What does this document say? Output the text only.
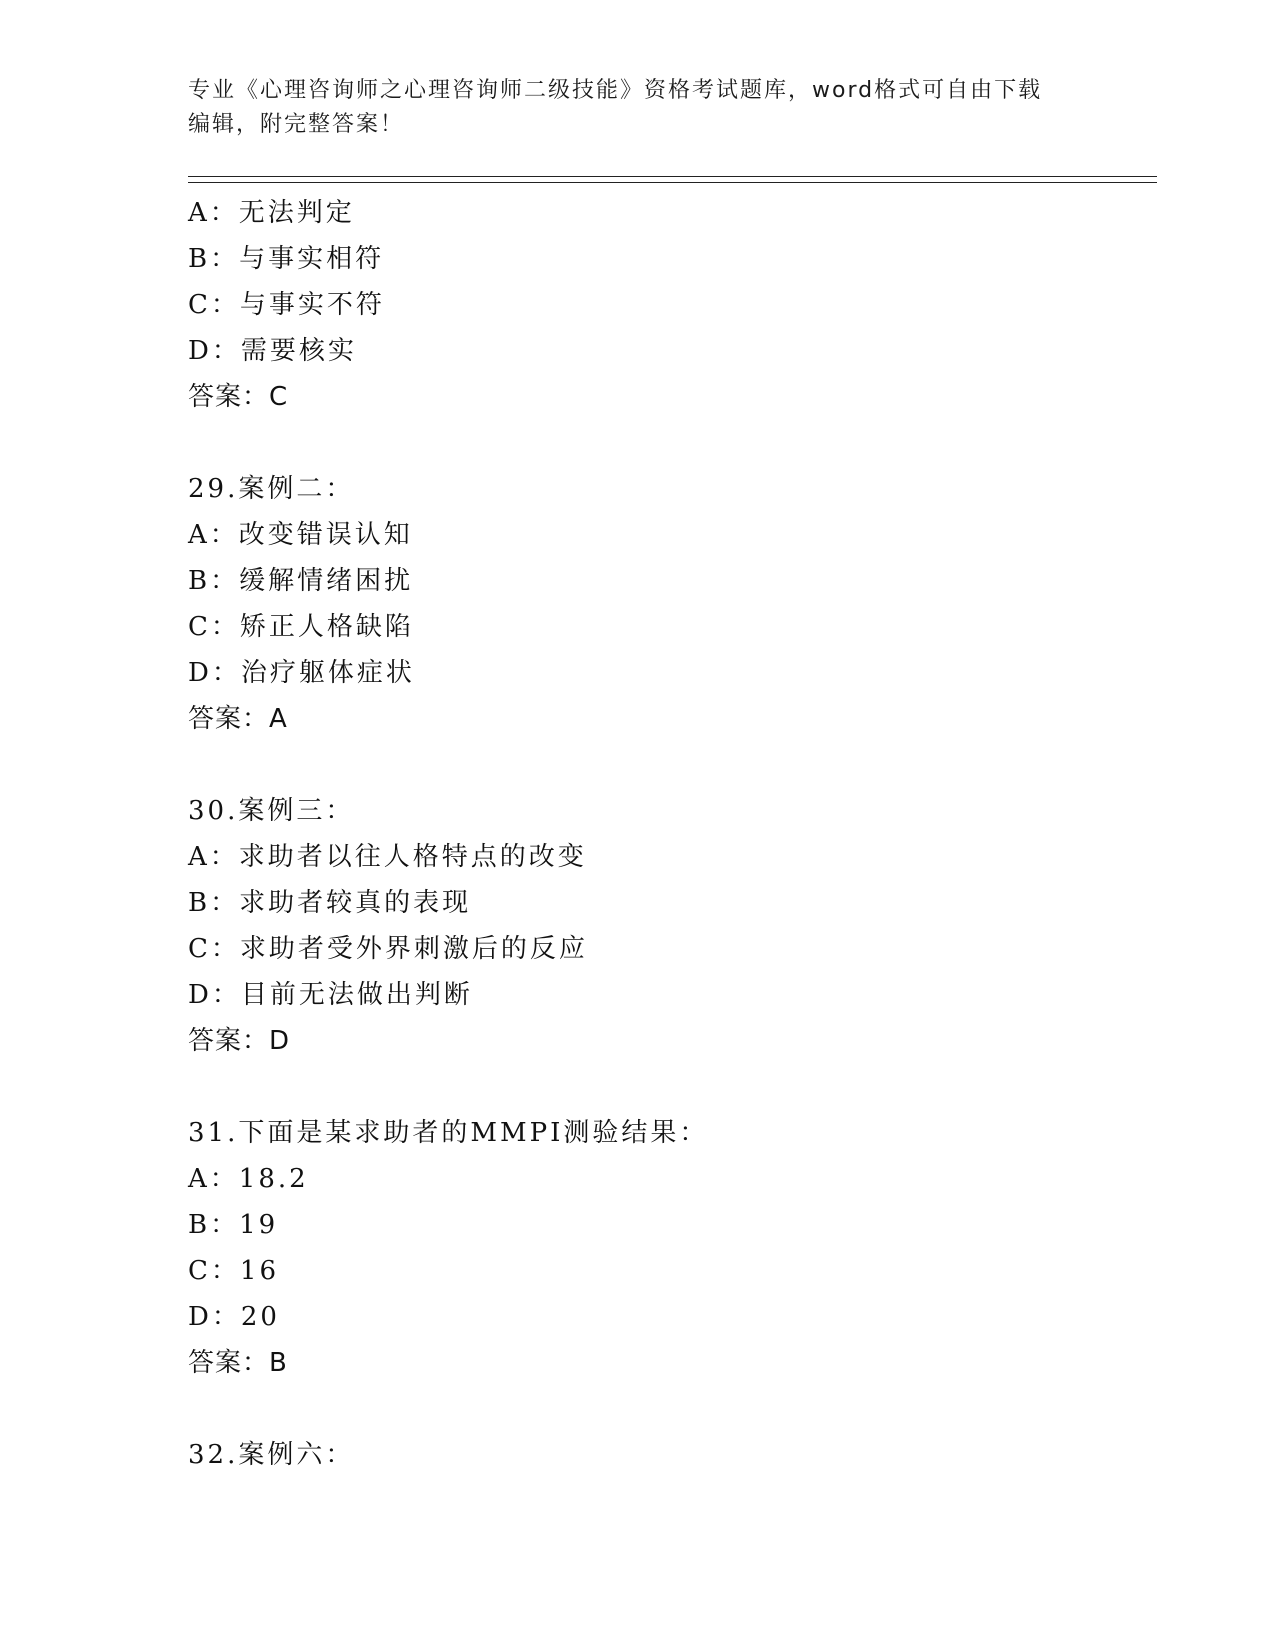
专业《心理咨询师之心理咨询师二级技能》资格考试题库，word格式可自由下载
编辑，附完整答案！
A：无法判定
B：与事实相符
C：与事实不符
D：需要核实
答案：C
29.案例二：
A：改变错误认知
B：缓解情绪困扰
C：矫正人格缺陷
D：治疗躯体症状
答案：A
30.案例三：
A：求助者以往人格特点的改变
B：求助者较真的表现
C：求助者受外界刺激后的反应
D：目前无法做出判断
答案：D
31.下面是某求助者的MMPI测验结果：
A：18.2
B：19
C：16
D：20
答案：B
32.案例六：
